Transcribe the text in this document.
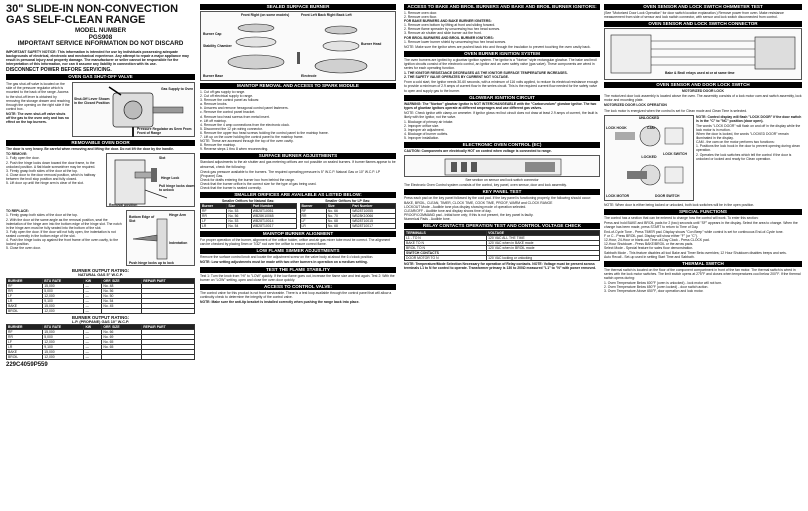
30" SLIDE-IN NON-CONVECTION GAS SELF-CLEAN RANGE
MODEL NUMBER
PGS908
IMPORTANT SERVICE INFORMATION DO NOT DISCARD
IMPORTANT SAFETY NOTICE: This information is intended for use by individuals possessing adequate backgrounds of electrical, electronic and mechanical experience. Any attempt to repair a major appliance may result in personal injury and property damage. The manufacturer or seller cannot be responsible for the interpretation of this information, nor can it assume any liability in connection with its use.
DISCONNECT POWER BEFORE SERVICING.
OVEN GAS SHUT-OFF VALVE
The gas shut-off valve is located on the side of the pressure regulator which is mounted to the back of the range. Access to the shut-off lever is obtained by removing the storage drawer and reaching through the opening on the right side if the control box.
NOTE: The oven shut-off valve shuts off the gas to the oven only and has no effect on the top burners.
Gas Supply to Oven
Shut-Off Lever Shown in the Closed Position
Pressure Regulator as Seen From Front of Range
REMOVABLE OVEN DOOR
The door is very heavy. Be careful when removing and lifting the door. Do not lift the door by the handle.
TO REMOVE:
1. Fully open the door.
2. Push the hinge locks down toward the door frame, to the unlocked position. A flat blade screwdriver may be required.
3. Firmly grasp both sides of the door at the top.
4. Close door to the door removal position, which is halfway between the broil stop position and fully closed.
5. Lift door up until the hinge arm is clear of the slot.
Slot
Hinge Lock
Pull hinge locks down to unlock
Removal position
TO REPLACE:
1. Firmly grasp both sides of the door at the top.
2. With the door at the same angle as the removal position, seat the indentation of the hinge arm into the bottom edge of the hinge slot. The notch in the hinge arm must be fully seated into the bottom of the slot.
3. Fully open the door. If the door will not fully open, the indentation is not seated correctly in the bottom edge of the slot.
4. Push the hinge locks up against the front frame of the oven cavity, to the locked position.
5. Close the oven door.
Hinge Arm
Bottom Edge of Slot
Indentation
Push hinge locks up to lock
BURNER OUTPUT RATING:
NATURAL GAS 5" W.C.P.
BURNER	BTU RATE	KW	ORF. SIZE	REPAIR PART
RF	15,000	—	No. 48	
RR	5,000	—	No. 56	
LF	12,000	—	No. 50	
LR	9,100	—	No. 54	
BAKE	15,000	—	No. 45	
BROIL	12,000	—		
BURNER OUTPUT RATING:
L.P. (PROPANE) GAS 10" W.C.P.
BURNER	BTU RATE	KW	ORF. SIZE	REPAIR PART
RF	15,000	—	No. 66	
RR	5,000	—	No. 69	
LF	12,000	—	No. 65	
LR	9,100	—	No. 65	
BAKE	15,000	—		
BROIL	12,000	—		
229C4059P559
SEALED SURFACE BURNER
Front Right (on some models)
Burner Cap
Stability Chamber
Burner Base
Front Left Back Right Back Left
Burner Head
Electrode
MAINTOP REMOVAL AND ACCESS TO SPARK MODULE
1. Cut off gas supply to range.
2. Cut off electrical supply to range.
3. Remove the control panel as follows:
a. Remove knobs.
b. Unscrew and remove hexagonal control panel fasteners.
c. Remove the control panel bracket.
d. Remove two head screws from metal insert.
e. Lift off maintop.
4. Remove the 4 amp connections from the electronic clock.
5. Disconnect the 12 pin wiring connector.
6. Remove the upper two head screws holding the control panel to the maintop frame.
7. Lift up on the cover holding the control panel to the maintop frame.
NOTE: These are accessed through the top of the oven cavity.
8. Remove the maintop.
9. Reverse steps 1 thru 8 when reconnecting.
SURFACE BURNER ADJUSTMENTS
Standard adjustments to the air shutter and gas metering orifices are not possible on sealed burners. If burner flames appear to be abnormal, check the following:
Check gas pressure available to the burners. The required operating pressure is 5" W.C.P. Natural Gas or 10" W.C.P. LP (Propane) Gas.
Check for drafts entering the burner box from behind the range.
Check that the burner orifice is the correct size for the type of gas being used.
Check that the burner is seated correctly.
SMALLER ORIFICES ARE AVAILABLE AS LISTED BELOW:
Smaller Orifices for Natural Gas:
Burner	Size	Part Number
RF	No. 53	WB28T10051
RR	No. 56	WB28K10065
LF	No. 53	WB28T10014
LR	No. 54	WB28T10017
Smaller Orifices for LP Gas:
Burner	Size	Part Number
RF	No. 66	WB28T10055
RR	No. 70	WB28K10066
LF	No. 68	WB28T10015
LR	No. 68	WB28T10017
MAINTOP BURNER ALIGNMENT
For proper operation of the burner, alignment of the orifice holder, orifice and air gas mixer tube must be correct. The alignment can be checked by placing 5mm or 7/32" rod over the orifice to ensure correct flame.
LOW FLAME SIMMER ADJUSTMENTS
Remove the surface control knob and locate the adjustment screw on the valve body at about the 6 o'clock position.
NOTE: Low setting adjustments must be made with two other burners in operation on a medium setting.
TEST THE FLAME STABILITY
Test 1: Turn the knob from "HI" to "LOW" quickly. If the low flame goes out, increase the flame size and test again. Test 2: With the burner on "LOW" setting, open and close the oven door quickly.
ACCESS TO CONTROL VALVE:
The control valve for this product is not front serviceable. There is a test loop available through the control panel that will allow a continuity check to determine the integrity of the control valve.
NOTE: Make sure the anti-tip bracket is installed correctly when pushing the range back into place.
ACCESS TO BAKE AND BROIL BURNERS AND BAKE AND BROIL BURNER IGNITORS:
1. Remove oven door.
2. Remove oven floor.
FOR BAKE BURNERS AND BAKE BURNER IGNITERS:
1. Remove oven bottom by lifting at front and sliding forward.
2. Remove flame spreader by unscrewing two hex head screws.
3. Remove air shutter and slide burner out the front.
FOR BROIL BURNERS AND BROIL BURNER IGNITORS:
1. Remove lower burner shield by unscrewing two hex head screws.
NOTE: Make sure the ignitor wires are pushed back into and through the insulation to prevent touching the oven cavity back.
OVEN BURNER IGNITION SYSTEM
The oven burners are ignited by a glowbar ignition system. The ignitor is a "Norton" style rectangular glowbar. The bake and broil ignition circuits consist of the electronic control, an ignitor and an oven safety valve (gas valve). These components are wired in series for each operating function.
1. THE IGNITOR RESISTANCE DECREASES AS THE IGNITOR SURFACE TEMPERATURE INCREASES.
2. THE SAFETY VALVE OPERATES BY CURRENT NOT VOLTAGE.
From a cold start, the ignitor needs 30-60 seconds, with a minimum of 116 volts applied, to reduce its electrical resistance enough to provide a minimum of 2.9 amps of current flow in the series circuit. This is the required current flow needed for the safety valve to open and supply gas to the burner.
GLOWBAR IGNITION CIRCUIT
WARNING: The "Norton" glowbar ignitor is NOT INTERCHANGEABLE with the "Carborundum" glowbar ignitor. The two types of glowbar ignitors operate at different amperages and use different gas valves.
NOTE: Check ignitor with clamp-on ammeter. If ignitor glows red but circuit does not draw at least 2.9 amps of current, the fault is likely with the ignitor, not the valve.
1. Blockage of primary air intake.
2. Improper orifice size.
3. Improper air adjustment.
4. Blockage of burner outlets.
5. Improper installation.
ELECTRONIC OVEN CONTROL (EC)
CAUTION: Components are electrically HOT on control when voltage is connected to range.
See section on sensor and lock switch connector
The Electronic Oven Control system consists of the control, key panel, oven sensor, door and lock assembly.
KEY PANEL TEST
Press each pad on the key panel followed by the cool pad. If the key panel is functioning properly, the following should occur:
BAKE, BROIL, CLEAN, TIMER, CLOCK TIME, COOK TIME, PROOF, WARM and CLOCK RANGE
LOCKOUT Mode - Audible tone plus display showing mode of operation selected.
CLEAR/OFF - Audible tone and display shows time of day.
PROOF/COMMAND pad - Initial tone only; if this is not present, the key panel is faulty.
Numerical Pads - Audible tone.
RELAY CONTACTS OPERATION TEST AND CONTROL VOLTAGE CHECK
TERMINALS	VOLTAGE
L1 - TO N	120 VAC ALL THE TIME
BAKE TO N	120 VAC when in BAKE mode
BROIL TO N	120 VAC when in BROIL mode
SWITCH CONTACTS	
DOOR MOTOR TO N	120 VAC locking or unlocking
NOTE: Temperature/Mode Selection Necessary for operation of Relay contacts. NOTE: Voltage must be present across terminals L1 to N for control to operate. Transformer primary is 130 to 200Ω measured "L1" to "N" with power removed.
OVEN SENSOR AND LOCK SWITCH OHMMETER TEST
(See "Motorized Door Lock Operation" for door switch location explanation.) Remove power from oven. Make resistance measurement from side of sensor and lock switch connector, with sensor and lock switch disconnected from control.
OVEN SENSOR AND LOCK SWITCH CONNECTOR
Bake & Broil relays used at or at same time
OVEN SENSOR AND DOOR LOCK SWITCH
MOTORIZED DOOR LOCK
The motorized door lock assembly is located above the oven. The assembly consists of a lock motor cam and switch assembly, lock motor and mounting plate.
MOTORIZED DOOR LOCK OPERATION
The lock motor is energized when the control is set for Clean mode and Clean Time is selected.
UNLOCKED
LOCKED
LOCK HOOK
LOCK SWITCH
CAM
LOCK MOTOR	DOOR SWITCH
NOTE: Control display will flash "LOCK DOOR" if the door switch is in the "C" to "NC" position (door open).
The words "LOCK DOOR" will flash on and off in the display while the lock motor is in motion.
When the door is locked, the words "LOCKED DOOR" remain illuminated in the display.
CAM - the cam on the motor performs two functions:
1. Positions the lock hook in the door to prevent opening during clean operation.
2. Operates the lock switches which tell the control if the door is unlocked or locked and ready for Clean operation.
NOTE: When door is either being locked or unlocked, both lock switches will be in the open position.
SPECIAL FUNCTIONS
The control has a section that can be entered to change how the control will work. To enter this section:
Press and hold BAKE and BROIL pads for 2 (two) seconds until "SF" appears in the display. Select the area to change. When the change has been made, press START to return to Time of Day.
End-of-Cycle Tone - Press TIMER pad. Display shows "Con Beep" while control is set for continuous End-of-Cycle tone.
F or C - Press BROIL pad. Display will show either "F" (or "C").
12-Hour, 24-Hour or blank-out Time-of-Day Clock - Press CLOCK pad.
12-Hour Shutdown - Press BAKE/BROIL or the arrow pads.
Select Mode - Special feature for sales floor demonstration.
Sabbath Mode - This feature disables all tool Bake and Timer Beta overrides; 12 Hour Shutdown disables beeps and sets.
Auto Recall - Set-up used in setting Start Time and Sabbath.
THERMAL SWITCH
The thermal switch is located on the floor of the component compartment in front of the fan motor. The thermal switch is wired in series with the lock motor switches. The limit switch opens at 275°F and closes when temperatures cool below 200°F. If the thermal switch opens during:
1. Oven Temperature Below 600°F (oven is unlocked) - lock motor will not turn.
2. Oven Temperature Below 650°F (oven locked) - door switch action.
3. Oven Temperature Above 650°F, door operation and lock motor.
